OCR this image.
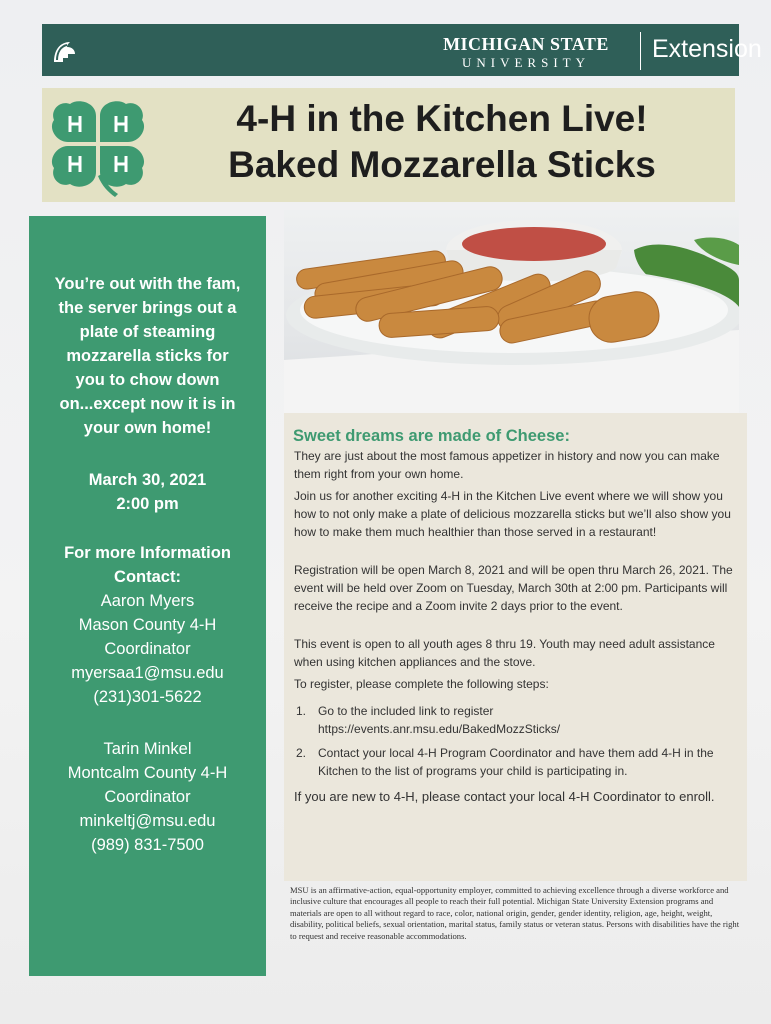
MICHIGAN STATE
UNIVERSITY	Extension
4-H in the Kitchen Live!
Baked Mozzarella Sticks
You’re out with the fam,
the server brings out a
plate of steaming
mozzarella sticks for
you to chow down
on...except now it is in
your own home!
March 30, 2021
2:00 pm
For more Information
Contact:
Aaron Myers
Mason County 4-H
Coordinator
myersaa1@msu.edu
(231)301-5622
Tarin Minkel
Montcalm County 4-H
Coordinator
minkeltj@msu.edu
(989) 831-7500
Sweet dreams are made of Cheese:

They are just about the most famous appetizer in history and now you can make them right from your own home.

Join us for another exciting 4-H in the Kitchen Live event where we will show you how to not only make a plate of delicious mozzarella sticks but we’ll also show you how to make them much healthier than those served in a restaurant!

Registration will be open March 8, 2021 and will be open thru March 26, 2021. The event will be held over Zoom on Tuesday, March 30th at 2:00 pm. Participants will receive the recipe and a Zoom invite 2 days prior to the event.

This event is open to all youth ages 8 thru 19. Youth may need adult assistance when using kitchen appliances and the stove.

To register, please complete the following steps:

1. Go to the included link to register
https://events.anr.msu.edu/BakedMozzSticks/
2. Contact your local 4-H Program Coordinator and have them add 4-H in the Kitchen to the list of programs your child is participating in.

If you are new to 4-H, please contact your local 4-H Coordinator to enroll.

MSU is an affirmative-action, equal-opportunity employer, committed to achieving excellence through a diverse workforce and inclusive culture that encourages all people to reach their full potential. Michigan State University Extension programs and materials are open to all without regard to race, color, national origin, gender, gender identity, religion, age, height, weight, disability, political beliefs, sexual orientation, marital status, family status or veteran status. Persons with disabilities have the right to request and receive reasonable accommodations.
